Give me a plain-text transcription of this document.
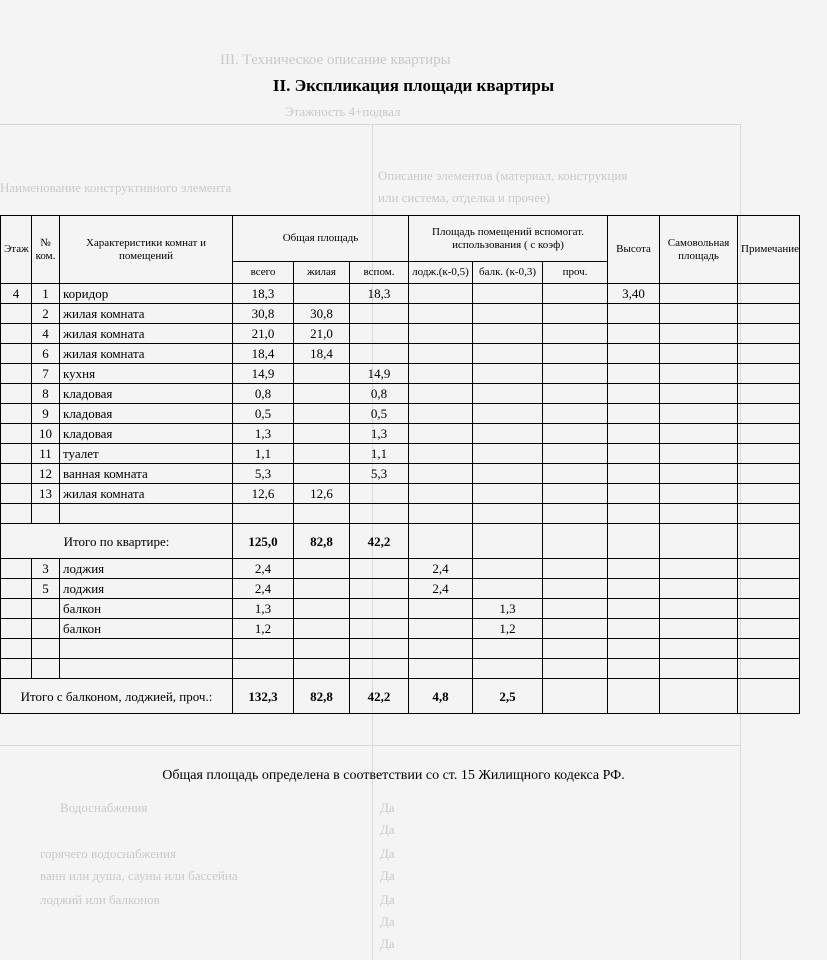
III. Техническое описание квартиры
Этажность 4+подвал
Наименование конструктивного элемента
Описание элементов (материал, конструкция
или система, отделка и прочее)
Водоснабжения	Да
Да
горячего водоснабжения	Да
ванн или душа, сауны или бассейна	Да
лоджий или балконов	Да
Да
Да
II. Экспликация площади квартиры
Этаж	№ ком.	Характеристики комнат и помещений	Общая площадь			Площадь помещений вспомогат. использования ( с коэф)			Высота	Самовольная площадь	Примечание
			всего	жилая	вспом.	лодж.(к-0,5)	балк. (к-0,3)	проч.			
4	1	коридор	18,3		18,3				3,40		
	2	жилая комната	30,8	30,8							
	4	жилая комната	21,0	21,0							
	6	жилая комната	18,4	18,4							
	7	кухня	14,9		14,9						
	8	кладовая	0,8		0,8						
	9	кладовая	0,5		0,5						
	10	кладовая	1,3		1,3						
	11	туалет	1,1		1,1						
	12	ванная комната	5,3		5,3						
	13	жилая комната	12,6	12,6							

Итого по квартире:			125,0	82,8	42,2						
	3	лоджия	2,4			2,4					
	5	лоджия	2,4			2,4					
		балкон	1,3				1,3				
		балкон	1,2				1,2				

Итого с балконом, лоджией, проч.:			132,3	82,8	42,2	4,8	2,5				
Общая площадь определена в соответствии со ст. 15 Жилищного кодекса РФ.
